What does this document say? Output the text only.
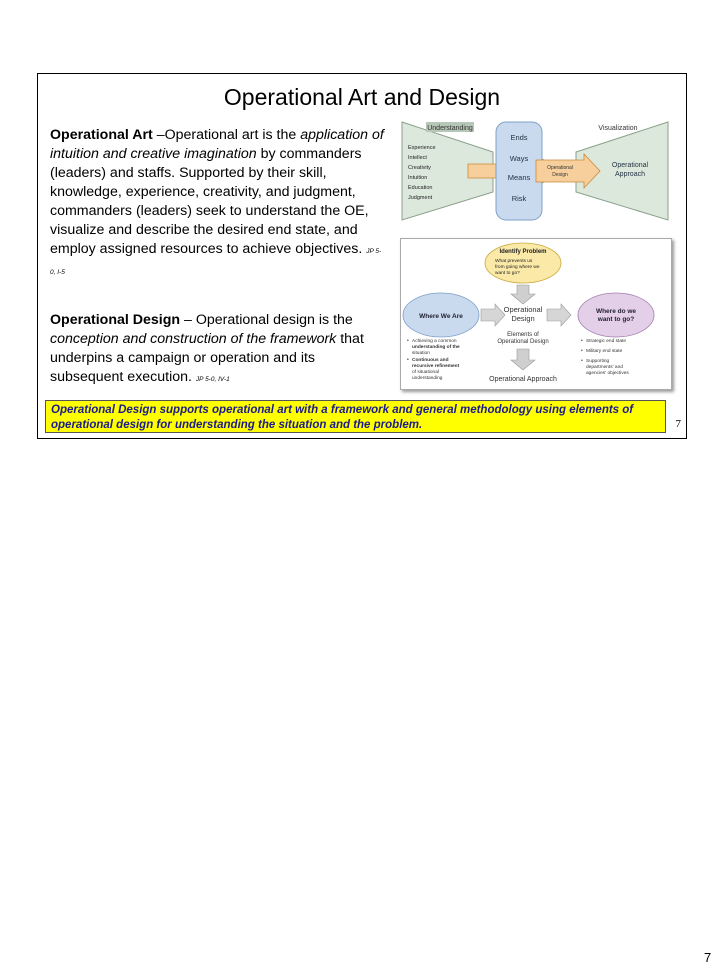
Operational Art and Design
Operational Art –Operational art is the application of intuition and creative imagination by commanders (leaders) and staffs. Supported by their skill, knowledge, experience, creativity, and judgment, commanders (leaders) seek to understand the OE, visualize and describe the desired end state, and employ assigned resources to achieve objectives. JP 5-0, I-5
Operational Design – Operational design is the conception and construction of the framework that underpins a campaign or operation and its subsequent execution. JP 5-0, IV-1
Understanding	Visualization
Experience
Intellect
Creativity
Intuition
Education
Judgment
Ends
Ways
Means
Risk
Operational
Design
Operational
Approach
Identify Problem
What prevents us
from going where we
want to go?
Where We Are
Operational
Design
Where do we
want to go?
Elements of
Operational Design
Operational Approach
• Achieving a common
understanding of the
situation
• Continuous and
recursive refinement
of situational
understanding
• Strategic end state
• Military end state
• Supporting
departments' and
agencies' objectives
Operational Design supports operational art with a framework and general methodology using elements of operational design for understanding the situation and the problem.	7
7
